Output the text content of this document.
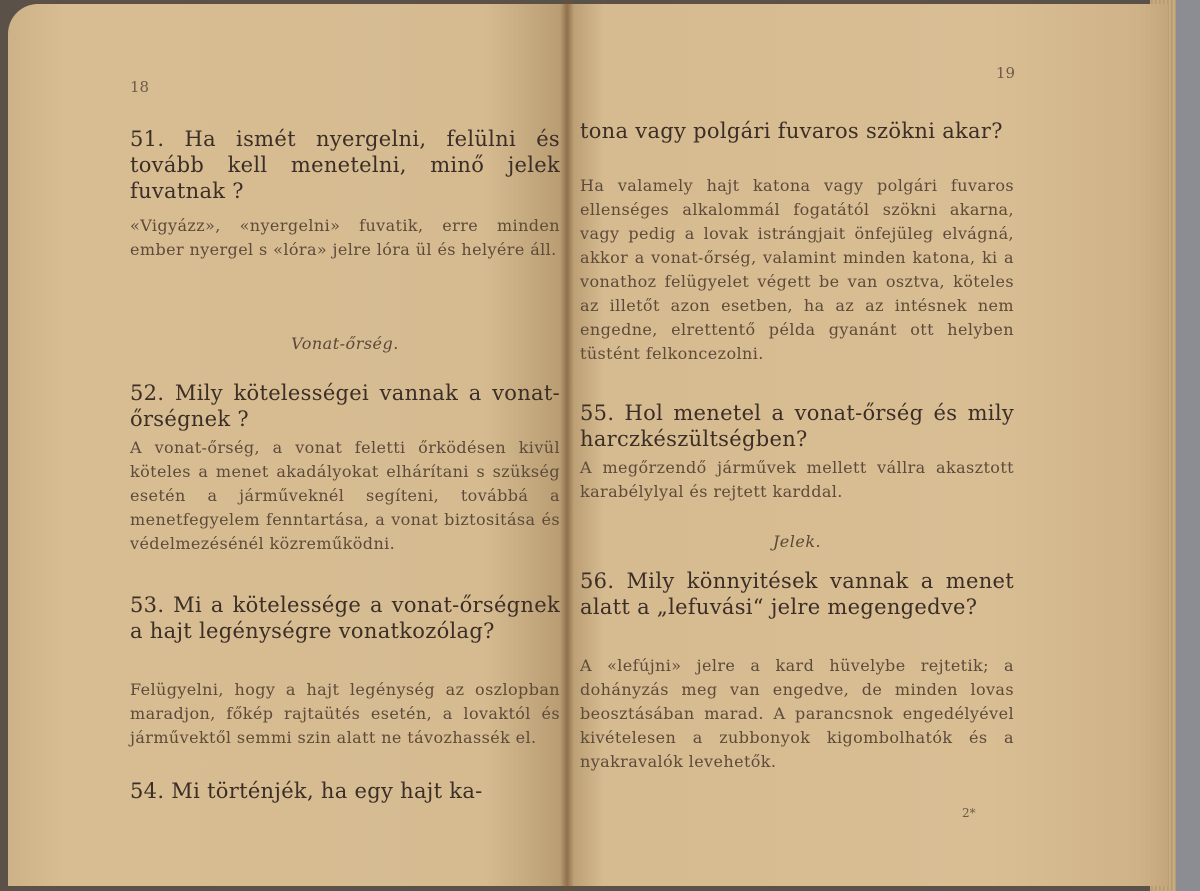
18

51. Ha ismét nyergelni, felülni és tovább kell menetelni, minő jelek fuvatnak ?

«Vigyázz», «nyergelni» fuvatik, erre minden ember nyergel s «lóra» jelre lóra ül és helyére áll.

Vonat-őrség.

52. Mily kötelességei vannak a vonat-őrségnek ?

A vonat-őrség, a vonat feletti őrködésen kivül köteles a menet akadályokat elhárítani s szükség esetén a járműveknél segíteni, továbbá a menetfegyelem fenntartása, a vonat biztositása és védelmezésénél közreműködni.

53. Mi a kötelessége a vonat-őrségnek a hajt legénységre vonatkozólag?

Felügyelni, hogy a hajt legénység az oszlopban maradjon, főkép rajtaütés esetén, a lovaktól és járművektől semmi szin alatt ne távozhassék el.

54. Mi történjék, ha egy hajt ka-

19

tona vagy polgári fuvaros szökni akar?

Ha valamely hajt katona vagy polgári fuvaros ellenséges alkalommál fogatától szökni akarna, vagy pedig a lovak istrángjait önfejüleg elvágná, akkor a vonat-őrség, valamint minden katona, ki a vonathoz felügyelet végett be van osztva, köteles az illetőt azon esetben, ha az az intésnek nem engedne, elrettentő példa gyanánt ott helyben tüstént felkoncezolni.

55. Hol menetel a vonat-őrség és mily harczkészültségben?

A megőrzendő járművek mellett vállra akasztott karabélylyal és rejtett karddal.

Jelek.

56. Mily könnyitések vannak a menet alatt a „lefuvási“ jelre megengedve?

A «lefújni» jelre a kard hüvelybe rejtetik; a dohányzás meg van engedve, de minden lovas beosztásában marad. A parancsnok engedélyével kivételesen a zubbonyok kigombolhatók és a nyakravalók levehetők.

2*
